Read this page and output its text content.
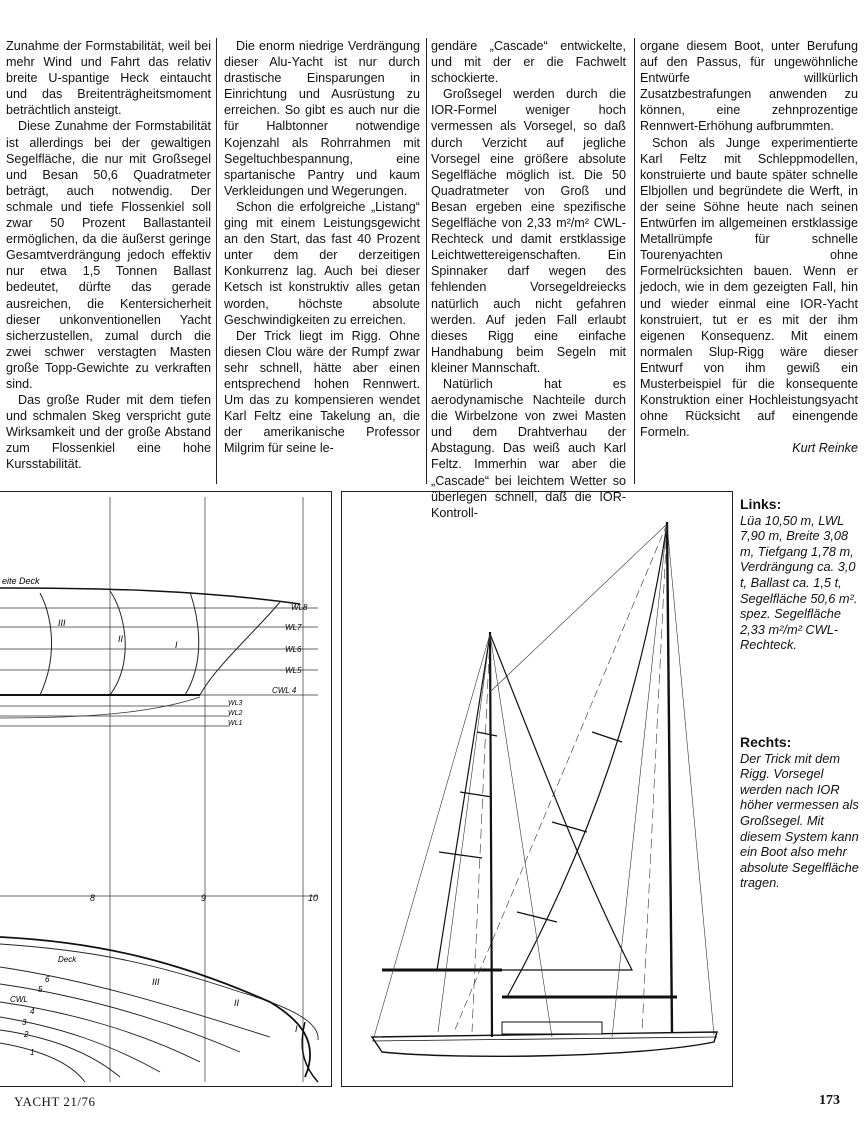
Zunahme der Formstabilität, weil bei mehr Wind und Fahrt das relativ breite U-spantige Heck eintaucht und das Breitenträgheitsmoment beträchtlich ansteigt.

Diese Zunahme der Formstabilität ist allerdings bei der gewaltigen Segelfläche, die nur mit Großsegel und Besan 50,6 Quadratmeter beträgt, auch notwendig. Der schmale und tiefe Flossenkiel soll zwar 50 Prozent Ballastanteil ermöglichen, da die äußerst geringe Gesamtverdrängung jedoch effektiv nur etwa 1,5 Tonnen Ballast bedeutet, dürfte das gerade ausreichen, die Kentersicherheit dieser unkonventionellen Yacht sicherzustellen, zumal durch die zwei schwer verstagten Masten große Topp-Gewichte zu verkraften sind.

Das große Ruder mit dem tiefen und schmalen Skeg verspricht gute Wirksamkeit und der große Abstand zum Flossenkiel eine hohe Kursstabilität.

Die enorm niedrige Verdrängung dieser Alu-Yacht ist nur durch drastische Einsparungen in Einrichtung und Ausrüstung zu erreichen. So gibt es auch nur die für Halbtonner notwendige Kojenzahl als Rohrrahmen mit Segeltuchbespannung, eine spartanische Pantry und kaum Verkleidungen und Wegerungen.

Schon die erfolgreiche „Listang“ ging mit einem Leistungsgewicht an den Start, das fast 40 Prozent unter dem der derzeitigen Konkurrenz lag. Auch bei dieser Ketsch ist konstruktiv alles getan worden, höchste absolute Geschwindigkeiten zu erreichen.

Der Trick liegt im Rigg. Ohne diesen Clou wäre der Rumpf zwar sehr schnell, hätte aber einen entsprechend hohen Rennwert. Um das zu kompensieren wendet Karl Feltz eine Takelung an, die der amerikanische Professor Milgrim für seine le-

gendäre „Cascade“ entwickelte, und mit der er die Fachwelt schockierte.

Großsegel werden durch die IOR-Formel weniger hoch vermessen als Vorsegel, so daß durch Verzicht auf jegliche Vorsegel eine größere absolute Segelfläche möglich ist. Die 50 Quadratmeter von Groß und Besan ergeben eine spezifische Segelfläche von 2,33 m²/m² CWL-Rechteck und damit erstklassige Leichtwettereigenschaften. Ein Spinnaker darf wegen des fehlenden Vorsegeldreiecks natürlich auch nicht gefahren werden. Auf jeden Fall erlaubt dieses Rigg eine einfache Handhabung beim Segeln mit kleiner Mannschaft.

Natürlich hat es aerodynamische Nachteile durch die Wirbelzone von zwei Masten und dem Drahtverhau der Abstagung. Das weiß auch Karl Feltz. Immerhin war aber die „Cascade“ bei leichtem Wetter so überlegen schnell, daß die IOR-Kontroll-

organe diesem Boot, unter Berufung auf den Passus, für ungewöhnliche Entwürfe willkürlich Zusatzbestrafungen anwenden zu können, eine zehnprozentige Rennwert-Erhöhung aufbrummten.

Schon als Junge experimentierte Karl Feltz mit Schleppmodellen, konstruierte und baute später schnelle Elbjollen und begründete die Werft, in der seine Söhne heute nach seinen Entwürfen im allgemeinen erstklassige Metallrümpfe für schnelle Tourenyachten ohne Formelrücksichten bauen. Wenn er jedoch, wie in dem gezeigten Fall, hin und wieder einmal eine IOR-Yacht konstruiert, tut er es mit der ihm eigenen Konsequenz. Mit einem normalen Slup-Rigg wäre dieser Entwurf von ihm gewiß ein Musterbeispiel für die konsequente Konstruktion einer Hochleistungsyacht ohne Rücksicht auf einengende Formeln.

Kurt Reinke

eite Deck
WL8
WL7
WL6
WL5
CWL 4
WL3
WL2
WL1
III
II
I
8	9	10
Deck
CWL
6
5
4
3
2
1
III
II
I
Links:
Lüa 10,50 m, LWL 7,90 m, Breite 3,08 m, Tiefgang 1,78 m, Verdrängung ca. 3,0 t, Ballast ca. 1,5 t, Segelfläche 50,6 m². spez. Segelfläche 2,33 m²/m² CWL-Rechteck.
Rechts:
Der Trick mit dem Rigg. Vorsegel werden nach IOR höher vermessen als Großsegel. Mit diesem System kann ein Boot also mehr absolute Segelfläche tragen.
YACHT 21/76	173
